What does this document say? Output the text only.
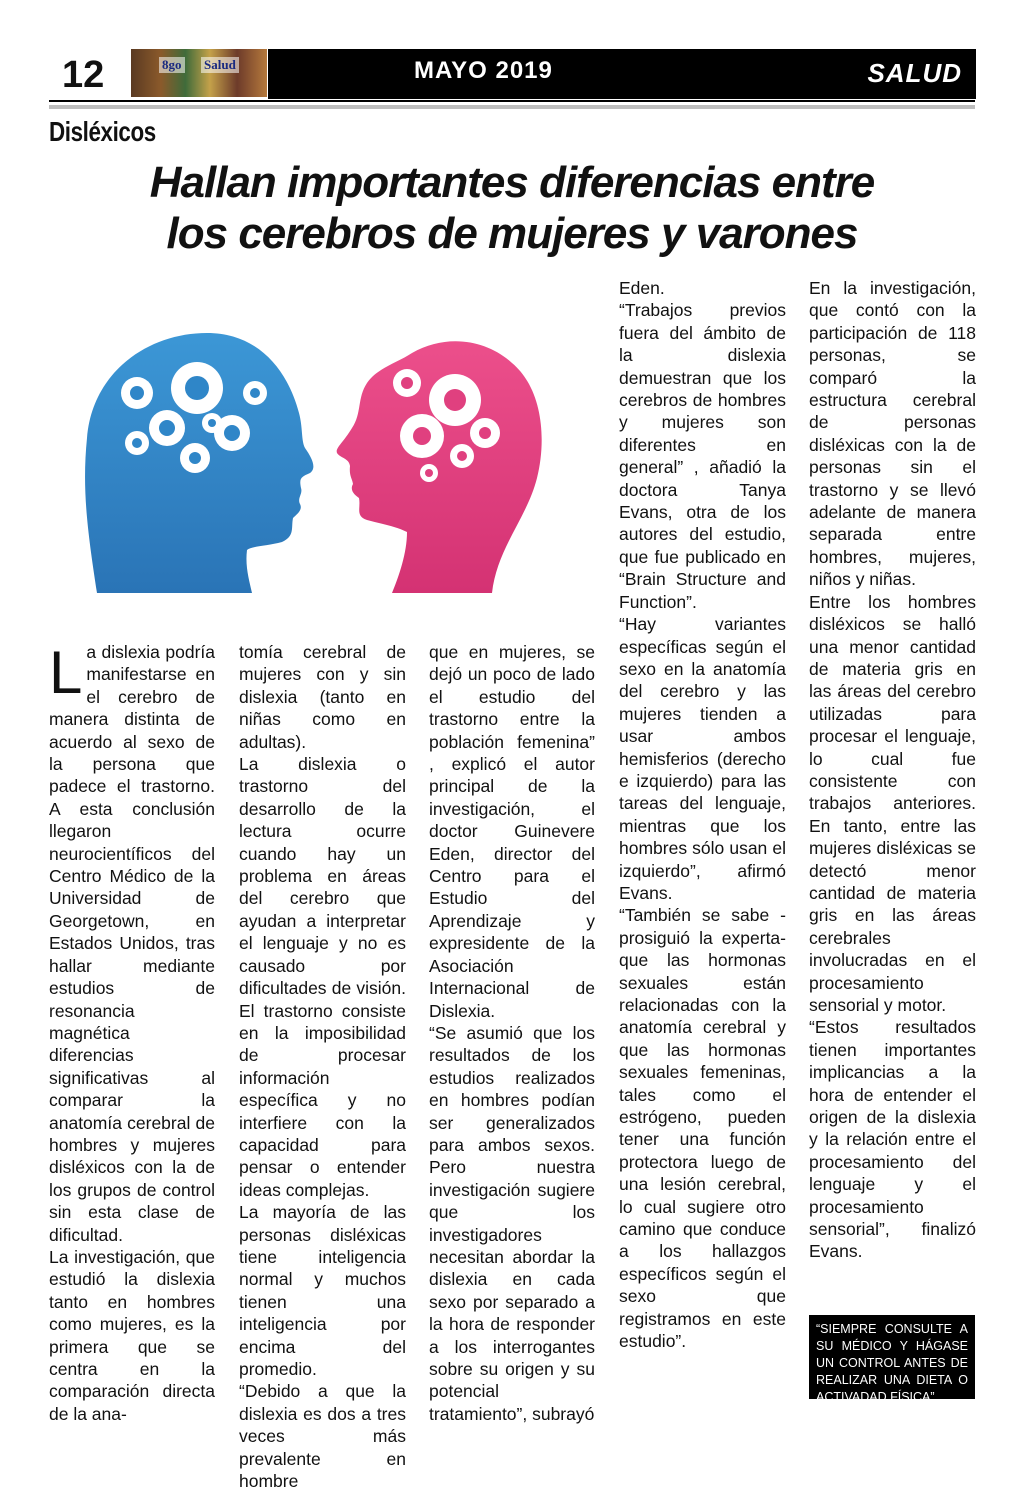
12	8go Salud	MAYO 2019	SALUD
Disléxicos
Hallan importantes diferencias entre
los cerebros de mujeres y varones

La dislexia podría manifestarse en el cerebro de manera distinta de acuerdo al sexo de la persona que padece el trastorno. A esta conclusión llegaron neurocientíficos del Centro Médico de la Universidad de Georgetown, en Estados Unidos, tras hallar mediante estudios de resonancia magnética diferencias significativas al comparar la anatomía cerebral de hombres y mujeres disléxicos con la de los grupos de control sin esta clase de dificultad.

La investigación, que estudió la dislexia tanto en hombres como mujeres, es la primera que se centra en la comparación directa de la ana-

tomía cerebral de mujeres con y sin dislexia (tanto en niñas como en adultas).

La dislexia o trastorno del desarrollo de la lectura ocurre cuando hay un problema en áreas del cerebro que ayudan a interpretar el lenguaje y no es causado por dificultades de visión. El trastorno consiste en la imposibilidad de procesar información específica y no interfiere con la capacidad para pensar o entender ideas complejas.

La mayoría de las personas disléxicas tiene inteligencia normal y muchos tienen una inteligencia por encima del promedio.

“Debido a que la dislexia es dos a tres veces más prevalente en hombre

que en mujeres, se dejó un poco de lado el estudio del trastorno entre la población femenina” , explicó el autor principal de la investigación, el doctor Guinevere Eden, director del Centro para el Estudio del Aprendizaje y expresidente de la Asociación Internacional de Dislexia.

“Se asumió que los resultados de los estudios realizados en hombres podían ser generalizados para ambos sexos. Pero nuestra investigación sugiere que los investigadores necesitan abordar la dislexia en cada sexo por separado a la hora de responder a los interrogantes sobre su origen y su potencial tratamiento”, subrayó

Eden.

“Trabajos previos fuera del ámbito de la dislexia demuestran que los cerebros de hombres y mujeres son diferentes en general” , añadió la doctora Tanya Evans, otra de los autores del estudio, que fue publicado en “Brain Structure and Function”.

“Hay variantes específicas según el sexo en la anatomía del cerebro y las mujeres tienden a usar ambos hemisferios (derecho e izquierdo) para las tareas del lenguaje, mientras que los hombres sólo usan el izquierdo”, afirmó Evans.

“También se sabe -prosiguió la experta- que las hormonas sexuales están relacionadas con la anatomía cerebral y que las hormonas sexuales femeninas, tales como el estrógeno, pueden tener una función protectora luego de una lesión cerebral, lo cual sugiere otro camino que conduce a los hallazgos específicos según el sexo que registramos en este estudio”.

En la investigación, que contó con la participación de 118 personas, se comparó la estructura cerebral de personas disléxicas con la de personas sin el trastorno y se llevó adelante de manera separada entre hombres, mujeres, niños y niñas.

Entre los hombres disléxicos se halló una menor cantidad de materia gris en las áreas del cerebro utilizadas para procesar el lenguaje, lo cual fue consistente con trabajos anteriores. En tanto, entre las mujeres disléxicas se detectó menor cantidad de materia gris en las áreas cerebrales involucradas en el procesamiento sensorial y motor.

“Estos resultados tienen importantes implicancias a la hora de entender el origen de la dislexia y la relación entre el procesamiento del lenguaje y el procesamiento sensorial”, finalizó Evans.

“SIEMPRE CONSULTE A SU MÉDICO Y HÁGASE UN CONTROL ANTES DE REALIZAR UNA DIETA O ACTIVADAD FÍSICA”
